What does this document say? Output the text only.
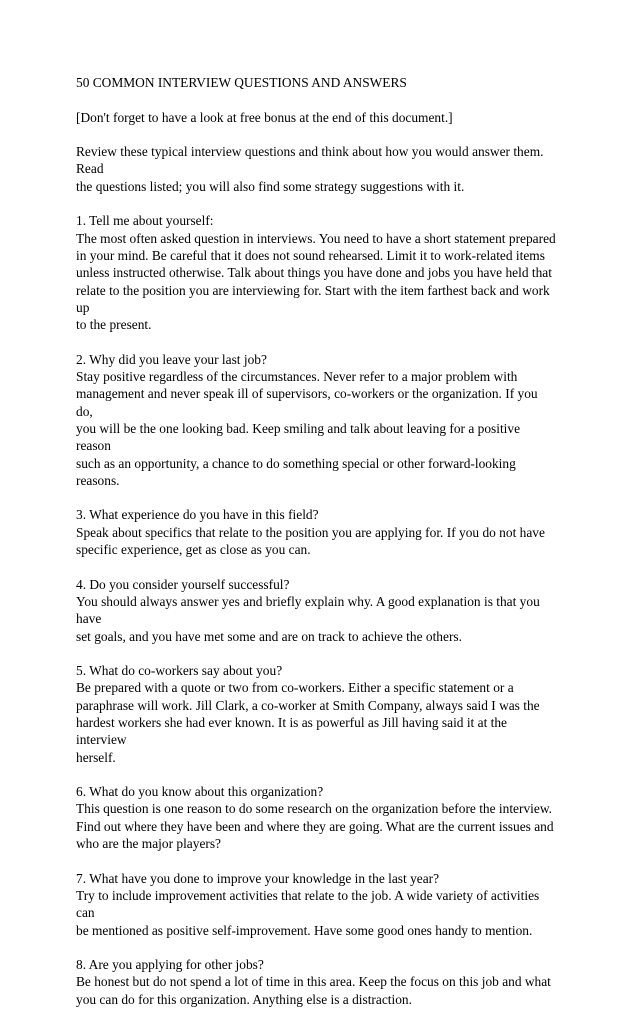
50 COMMON INTERVIEW QUESTIONS AND ANSWERS

[Don't forget to have a look at free bonus at the end of this document.]

Review these typical interview questions and think about how you would answer them. Read
the questions listed; you will also find some strategy suggestions with it.

1. Tell me about yourself:
The most often asked question in interviews. You need to have a short statement prepared
in your mind. Be careful that it does not sound rehearsed. Limit it to work-related items
unless instructed otherwise. Talk about things you have done and jobs you have held that
relate to the position you are interviewing for. Start with the item farthest back and work up
to the present.
2. Why did you leave your last job?
Stay positive regardless of the circumstances. Never refer to a major problem with
management and never speak ill of supervisors, co-workers or the organization. If you do,
you will be the one looking bad. Keep smiling and talk about leaving for a positive reason
such as an opportunity, a chance to do something special or other forward-looking reasons.
3. What experience do you have in this field?
Speak about specifics that relate to the position you are applying for. If you do not have
specific experience, get as close as you can.
4. Do you consider yourself successful?
You should always answer yes and briefly explain why. A good explanation is that you have
set goals, and you have met some and are on track to achieve the others.
5. What do co-workers say about you?
Be prepared with a quote or two from co-workers. Either a specific statement or a
paraphrase will work. Jill Clark, a co-worker at Smith Company, always said I was the
hardest workers she had ever known. It is as powerful as Jill having said it at the interview
herself.
6. What do you know about this organization?
This question is one reason to do some research on the organization before the interview.
Find out where they have been and where they are going. What are the current issues and
who are the major players?
7. What have you done to improve your knowledge in the last year?
Try to include improvement activities that relate to the job. A wide variety of activities can
be mentioned as positive self-improvement. Have some good ones handy to mention.
8. Are you applying for other jobs?
Be honest but do not spend a lot of time in this area. Keep the focus on this job and what
you can do for this organization. Anything else is a distraction.
